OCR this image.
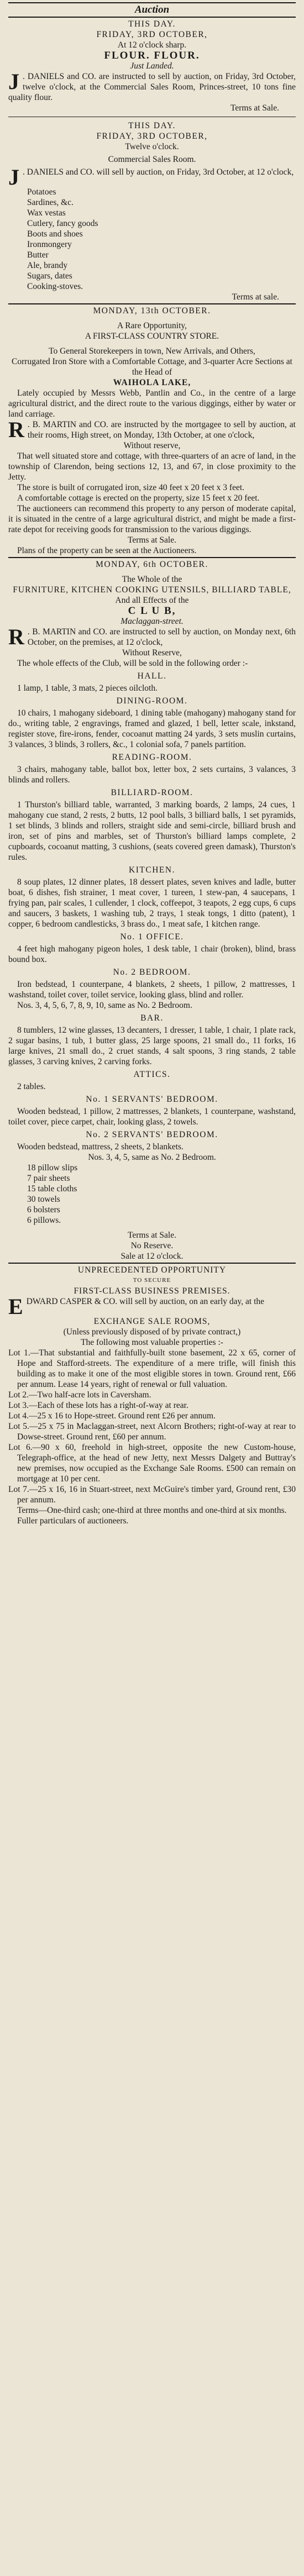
Auction
THIS DAY.
FRIDAY, 3RD OCTOBER,
At 12 o'clock sharp.
FLOUR. FLOUR.
Just Landed.

J . DANIELS and CO. are instructed to sell by auction, on Friday, 3rd October, twelve o'clock, at the Commercial Sales Room, Princes-street, 10 tons fine quality flour.

Terms at Sale.
THIS DAY.
FRIDAY, 3RD OCTOBER,
Twelve o'clock.
Commercial Sales Room.

J . DANIELS and CO. will sell by auction, on Friday, 3rd October, at 12 o'clock,

Potatoes
Sardines, &c.
Wax vestas
Cutlery, fancy goods
Boots and shoes
Ironmongery
Butter
Ale, brandy
Sugars, dates
Cooking-stoves.
Terms at sale.
MONDAY, 13th OCTOBER.
A Rare Opportunity,
A FIRST-CLASS COUNTRY STORE.

To General Storekeepers in town, New Arrivals, and Others,

Corrugated Iron Store with a Comfortable Cottage, and 3-quarter Acre Sections at the Head of

WAIHOLA LAKE,

Lately occupied by Messrs Webb, Pantlin and Co., in the centre of a large agricultural district, and the direct route to the various diggings, either by water or land carriage.

R . B. MARTIN and CO. are instructed by the mortgagee to sell by auction, at their rooms, High street, on Monday, 13th October, at one o'clock,

Without reserve,

That well situated store and cottage, with three-quarters of an acre of land, in the township of Clarendon, being sections 12, 13, and 67, in close proximity to the Jetty.

The store is built of corrugated iron, size 40 feet x 20 feet x 3 feet.

A comfortable cottage is erected on the property, size 15 feet x 20 feet.

The auctioneers can recommend this property to any person of moderate capital, it is situated in the centre of a large agricultural district, and might be made a first-rate depot for receiving goods for transmission to the various diggings.

Terms at Sale.

Plans of the property can be seen at the Auctioneers.

MONDAY, 6th OCTOBER.
The Whole of the
FURNITURE, KITCHEN COOKING UTENSILS, BILLIARD TABLE,
And all Effects of the
C L U B,
Maclaggan-street.

R . B. MARTIN and CO. are instructed to sell by auction, on Monday next, 6th October, on the premises, at 12 o'clock,

Without Reserve,

The whole effects of the Club, will be sold in the following order :-

HALL.

1 lamp, 1 table, 3 mats, 2 pieces oilcloth.

DINING-ROOM.

10 chairs, 1 mahogany sideboard, 1 dining table (mahogany) mahogany stand for do., writing table, 2 engravings, framed and glazed, 1 bell, letter scale, inkstand, register stove, fire-irons, fender, cocoanut matting 24 yards, 3 sets muslin curtains, 3 valances, 3 blinds, 3 rollers, &c., 1 colonial sofa, 7 panels partition.

READING-ROOM.

3 chairs, mahogany table, ballot box, letter box, 2 sets curtains, 3 valances, 3 blinds and rollers.

BILLIARD-ROOM.

1 Thurston's billiard table, warranted, 3 marking boards, 2 lamps, 24 cues, 1 mahogany cue stand, 2 rests, 2 butts, 12 pool balls, 3 billiard balls, 1 set pyramids, 1 set blinds, 3 blinds and rollers, straight side and semi-circle, billiard brush and iron, set of pins and marbles, set of Thurston's billiard lamps complete, 2 cupboards, cocoanut matting, 3 cushions, (seats covered green damask), Thurston's rules.

KITCHEN.

8 soup plates, 12 dinner plates, 18 dessert plates, seven knives and ladle, butter boat, 6 dishes, fish strainer, 1 meat cover, 1 tureen, 1 stew-pan, 4 saucepans, 1 frying pan, pair scales, 1 cullender, 1 clock, coffeepot, 3 teapots, 2 egg cups, 6 cups and saucers, 3 baskets, 1 washing tub, 2 trays, 1 steak tongs, 1 ditto (patent), 1 copper, 6 bedroom candlesticks, 3 brass do., 1 meat safe, 1 kitchen range.

No. 1 OFFICE.

4 feet high mahogany pigeon holes, 1 desk table, 1 chair (broken), blind, brass bound box.

No. 2 BEDROOM.

Iron bedstead, 1 counterpane, 4 blankets, 2 sheets, 1 pillow, 2 mattresses, 1 washstand, toilet cover, toilet service, looking glass, blind and roller.

Nos. 3, 4, 5, 6, 7, 8, 9, 10, same as No. 2 Bedroom.

BAR.

8 tumblers, 12 wine glasses, 13 decanters, 1 dresser, 1 table, 1 chair, 1 plate rack, 2 sugar basins, 1 tub, 1 butter glass, 25 large spoons, 21 small do., 11 forks, 16 large knives, 21 small do., 2 cruet stands, 4 salt spoons, 3 ring stands, 2 table glasses, 3 carving knives, 2 carving forks.

ATTICS.

2 tables.

No. 1 SERVANTS' BEDROOM.

Wooden bedstead, 1 pillow, 2 mattresses, 2 blankets, 1 counterpane, washstand, toilet cover, piece carpet, chair, looking glass, 2 towels.

No. 2 SERVANTS' BEDROOM.

Wooden bedstead, mattress, 2 sheets, 2 blankets.

Nos. 3, 4, 5, same as No. 2 Bedroom.

18 pillow slips
7 pair sheets
15 table cloths
30 towels
6 bolsters
6 pillows.
Terms at Sale.
No Reserve.
Sale at 12 o'clock.
UNPRECEDENTED OPPORTUNITY
TO SECURE
FIRST-CLASS BUSINESS PREMISES.

EDWARD CASPER & CO. will sell by auction, on an early day, at the

EXCHANGE SALE ROOMS,
(Unless previously disposed of by private contract,)
The following most valuable properties :-

Lot 1.—That substantial and faithfully-built stone basement, 22 x 65, corner of Hope and Stafford-streets. The expenditure of a mere trifle, will finish this building as to make it one of the most eligible stores in town. Ground rent, £66 per annum. Lease 14 years, right of renewal or full valuation.

Lot 2.—Two half-acre lots in Caversham.

Lot 3.—Each of these lots has a right-of-way at rear.

Lot 4.—25 x 16 to Hope-street. Ground rent £26 per annum.

Lot 5.—25 x 75 in Maclaggan-street, next Alcorn Brothers; right-of-way at rear to Dowse-street. Ground rent, £60 per annum.

Lot 6.—90 x 60, freehold in high-street, opposite the new Custom-house, Telegraph-office, at the head of new Jetty, next Messrs Dalgety and Buttray's new premises, now occupied as the Exchange Sale Rooms. £500 can remain on mortgage at 10 per cent.

Lot 7.—25 x 16, 16 in Stuart-street, next McGuire's timber yard, Ground rent, £30 per annum.

Terms—One-third cash; one-third at three months and one-third at six months.

Fuller particulars of auctioneers.
